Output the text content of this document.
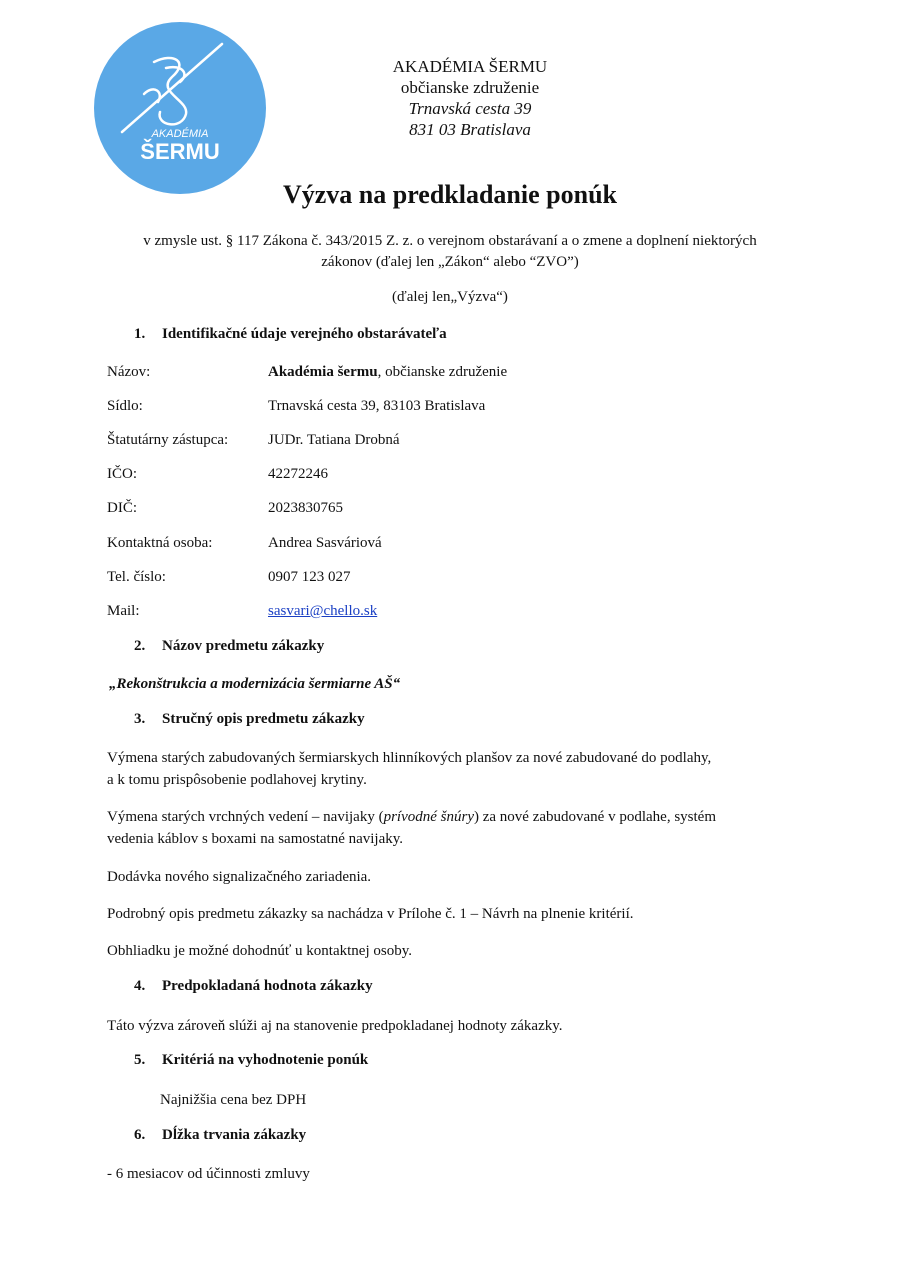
AKADÉMIA
ŠERMU
AKADÉMIA ŠERMU
občianske združenie
Trnavská cesta 39
831 03 Bratislava
Výzva na predkladanie ponúk
v zmysle ust. § 117 Zákona č. 343/2015 Z. z. o verejnom obstarávaní a o zmene a doplnení niektorých
zákonov (ďalej len „Zákon“ alebo “ZVO”)
(ďalej len„Výzva“)
1. Identifikačné údaje verejného obstarávateľa
Názov:	Akadémia šermu, občianske združenie
Sídlo:	Trnavská cesta 39, 83103 Bratislava
Štatutárny zástupca:	JUDr. Tatiana Drobná
IČO:	42272246
DIČ:	2023830765
Kontaktná osoba:	Andrea Sasváriová
Tel. číslo:	0907 123 027
Mail:	sasvari@chello.sk
2. Názov predmetu zákazky
„Rekonštrukcia a modernizácia šermiarne AŠ“
3. Stručný opis predmetu zákazky
Výmena starých zabudovaných šermiarskych hlinníkových planšov za nové zabudované do podlahy,
a k tomu prispôsobenie podlahovej krytiny.
Výmena starých vrchných vedení – navijaky (prívodné šnúry) za nové zabudované v podlahe, systém
vedenia káblov s boxami na samostatné navijaky.
Dodávka nového signalizačného zariadenia.
Podrobný opis predmetu zákazky sa nachádza v Prílohe č. 1 – Návrh na plnenie kritérií.
Obhliadku je možné dohodnúť u kontaktnej osoby.
4. Predpokladaná hodnota zákazky
Táto výzva zároveň slúži aj na stanovenie predpokladanej hodnoty zákazky.
5. Kritériá na vyhodnotenie ponúk
Najnižšia cena bez DPH
6. Dĺžka trvania zákazky
- 6 mesiacov od účinnosti zmluvy
